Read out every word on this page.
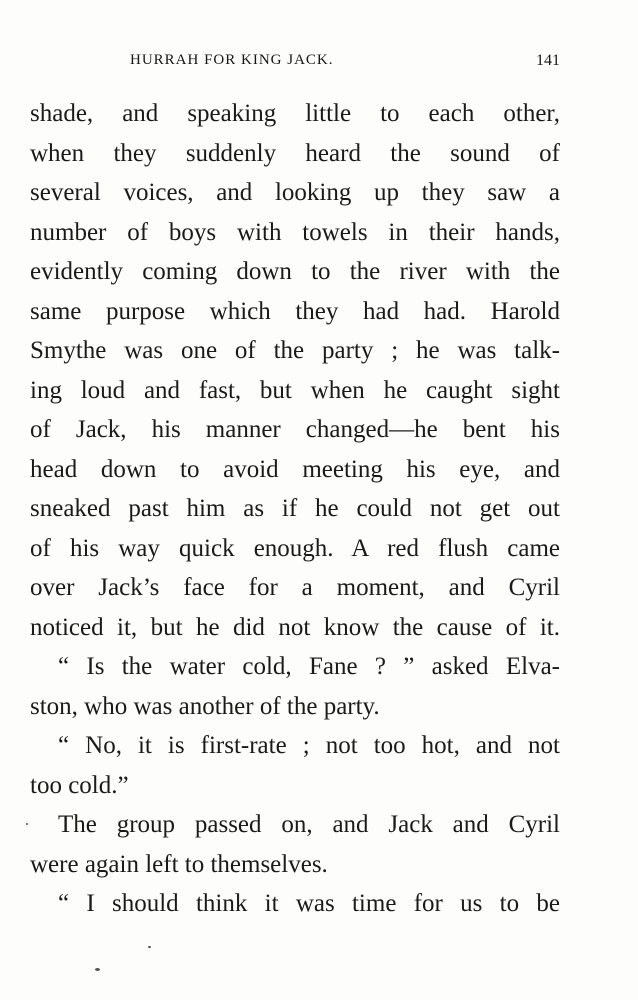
HURRAH FOR KING JACK.	141
shade, and speaking little to each other,
when they suddenly heard the sound of
several voices, and looking up they saw a
number of boys with towels in their hands,
evidently coming down to the river with the
same purpose which they had had. Harold
Smythe was one of the party ; he was talk-
ing loud and fast, but when he caught sight
of Jack, his manner changed—he bent his
head down to avoid meeting his eye, and
sneaked past him as if he could not get out
of his way quick enough. A red flush came
over Jack’s face for a moment, and Cyril
noticed it, but he did not know the cause of it.
“ Is the water cold, Fane ? ” asked Elva-
ston, who was another of the party.
“ No, it is first-rate ; not too hot, and not
too cold.”
The group passed on, and Jack and Cyril
were again left to themselves.
“ I should think it was time for us to be
